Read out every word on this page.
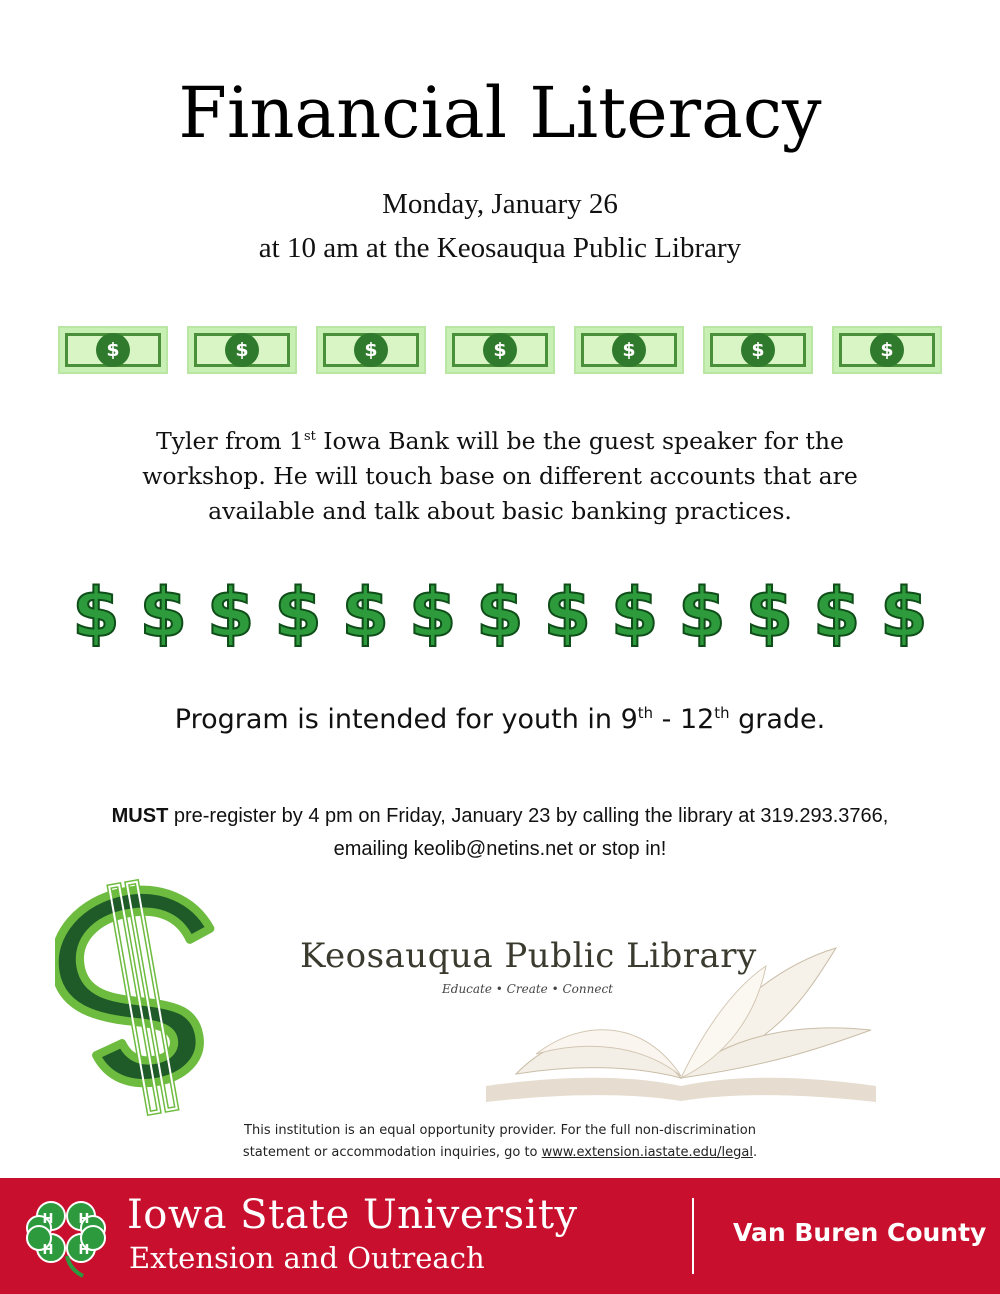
Financial Literacy
Monday, January 26
at 10 am at the Keosauqua Public Library
$	$	$	$	$	$	$
Tyler from 1st Iowa Bank will be the guest speaker for the
workshop. He will touch base on different accounts that are
available and talk about basic banking practices.
$ $ $ $ $ $ $ $ $ $ $ $ $
Program is intended for youth in 9th - 12th grade.
MUST pre-register by 4 pm on Friday, January 23 by calling the library at 319.293.3766,
emailing keolib@netins.net or stop in!
Keosauqua Public Library
Educate • Create • Connect
This institution is an equal opportunity provider. For the full non-discrimination
statement or accommodation inquiries, go to www.extension.iastate.edu/legal.
H H
H H
Iowa State University
Extension and Outreach
Van Buren County
